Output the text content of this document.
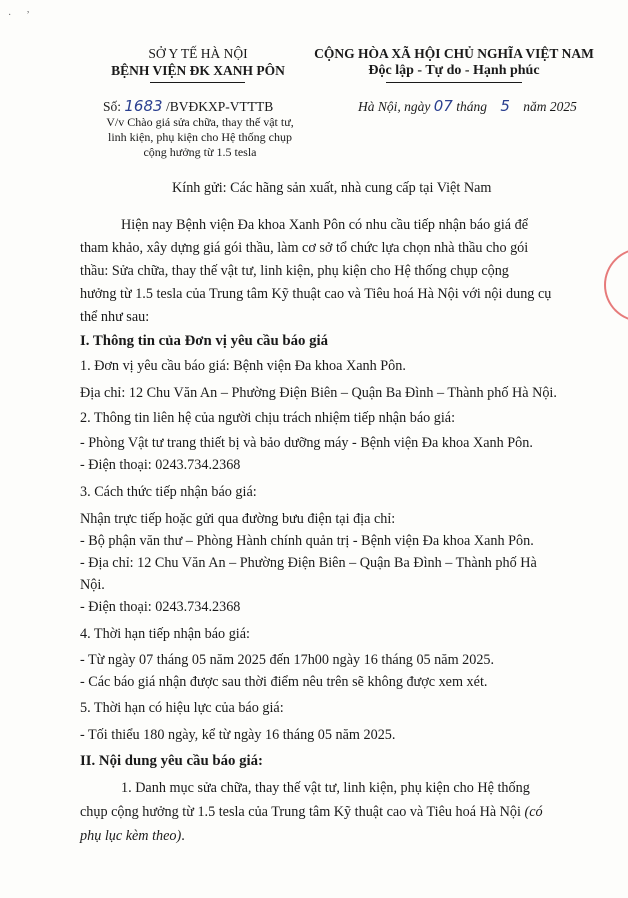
·      ’
SỞ Y TẾ HÀ NỘI
BỆNH VIỆN ĐK XANH PÔN
CỘNG HÒA XÃ HỘI CHỦ NGHĨA VIỆT NAM
Độc lập - Tự do - Hạnh phúc
Số: 1683 /BVĐKXP-VTTTB	Hà Nội, ngày 07 tháng 5 năm 2025
V/v Chào giá sửa chữa, thay thế vật tư,
linh kiện, phụ kiện cho Hệ thống chụp
cộng hưởng từ 1.5 tesla
Kính gửi: Các hãng sản xuất, nhà cung cấp tại Việt Nam
Hiện nay Bệnh viện Đa khoa Xanh Pôn có nhu cầu tiếp nhận báo giá để
tham khảo, xây dựng giá gói thầu, làm cơ sở tổ chức lựa chọn nhà thầu cho gói
thầu: Sửa chữa, thay thế vật tư, linh kiện, phụ kiện cho Hệ thống chụp cộng
hưởng từ 1.5 tesla của Trung tâm Kỹ thuật cao và Tiêu hoá Hà Nội với nội dung cụ
thể như sau:
I. Thông tin của Đơn vị yêu cầu báo giá
1. Đơn vị yêu cầu báo giá: Bệnh viện Đa khoa Xanh Pôn.
Địa chỉ: 12 Chu Văn An – Phường Điện Biên – Quận Ba Đình – Thành phố Hà Nội.
2. Thông tin liên hệ của người chịu trách nhiệm tiếp nhận báo giá:
- Phòng Vật tư trang thiết bị và bảo dưỡng máy - Bệnh viện Đa khoa Xanh Pôn.
- Điện thoại: 0243.734.2368
3. Cách thức tiếp nhận báo giá:
Nhận trực tiếp hoặc gửi qua đường bưu điện tại địa chỉ:
- Bộ phận văn thư – Phòng Hành chính quản trị - Bệnh viện Đa khoa Xanh Pôn.
- Địa chỉ: 12 Chu Văn An – Phường Điện Biên – Quận Ba Đình – Thành phố Hà
Nội.
- Điện thoại: 0243.734.2368
4. Thời hạn tiếp nhận báo giá:
- Từ ngày 07 tháng 05 năm 2025 đến 17h00 ngày 16 tháng 05 năm 2025.
- Các báo giá nhận được sau thời điểm nêu trên sẽ không được xem xét.
5. Thời hạn có hiệu lực của báo giá:
- Tối thiểu 180 ngày, kể từ ngày 16 tháng 05 năm 2025.
II. Nội dung yêu cầu báo giá:
1. Danh mục sửa chữa, thay thế vật tư, linh kiện, phụ kiện cho Hệ thống
chụp cộng hưởng từ 1.5 tesla của Trung tâm Kỹ thuật cao và Tiêu hoá Hà Nội (có
phụ lục kèm theo).
